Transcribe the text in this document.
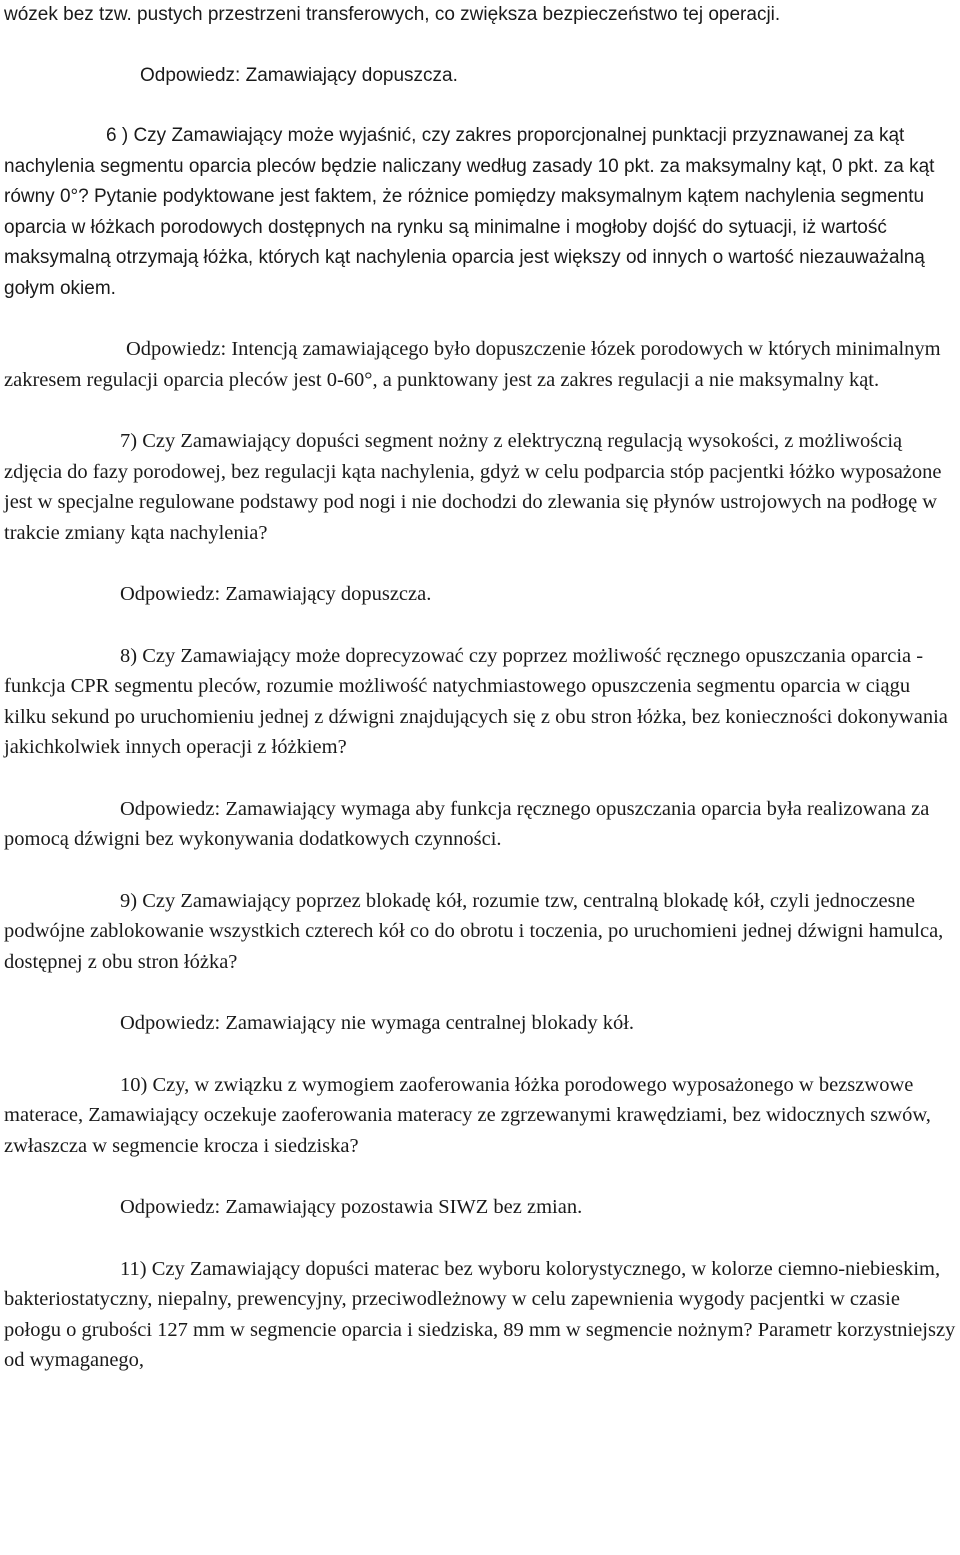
wózek bez tzw. pustych przestrzeni transferowych, co zwiększa bezpieczeństwo tej operacji.

Odpowiedz: Zamawiający dopuszcza.

6 ) Czy Zamawiający może wyjaśnić, czy zakres proporcjonalnej punktacji przyznawanej za kąt nachylenia segmentu oparcia pleców będzie naliczany według zasady 10 pkt. za maksymalny kąt, 0 pkt. za kąt równy 0°? Pytanie podyktowane jest faktem, że różnice pomiędzy maksymalnym kątem nachylenia segmentu oparcia w łóżkach porodowych dostępnych na rynku są minimalne i mogłoby dojść do sytuacji, iż wartość maksymalną otrzymają łóżka, których kąt nachylenia oparcia jest większy od innych o wartość niezauważalną gołym okiem.

Odpowiedz: Intencją zamawiającego było dopuszczenie łózek porodowych w których minimalnym zakresem regulacji oparcia pleców jest 0-60°, a punktowany jest za zakres regulacji a nie maksymalny kąt.

7) Czy Zamawiający dopuści segment nożny z elektryczną regulacją wysokości, z możliwością zdjęcia do fazy porodowej, bez regulacji kąta nachylenia, gdyż w celu podparcia stóp pacjentki łóżko wyposażone jest w specjalne regulowane podstawy pod nogi i nie dochodzi do zlewania się płynów ustrojowych na podłogę w trakcie zmiany kąta nachylenia?

Odpowiedz: Zamawiający dopuszcza.

8) Czy Zamawiający może doprecyzować czy poprzez możliwość ręcznego opuszczania oparcia -funkcja CPR segmentu pleców, rozumie możliwość natychmiastowego opuszczenia segmentu oparcia w ciągu kilku sekund po uruchomieniu jednej z dźwigni znajdujących się z obu stron łóżka, bez konieczności dokonywania jakichkolwiek innych operacji z łóżkiem?

Odpowiedz: Zamawiający wymaga aby funkcja ręcznego opuszczania oparcia była realizowana za pomocą dźwigni bez wykonywania dodatkowych czynności.

9) Czy Zamawiający poprzez blokadę kół, rozumie tzw, centralną blokadę kół, czyli jednoczesne podwójne zablokowanie wszystkich czterech kół co do obrotu i toczenia, po uruchomieni jednej dźwigni hamulca, dostępnej z obu stron łóżka?

Odpowiedz: Zamawiający nie wymaga centralnej blokady kół.

10) Czy, w związku z wymogiem zaoferowania łóżka porodowego wyposażonego w bezszwowe materace, Zamawiający oczekuje zaoferowania materacy ze zgrzewanymi krawędziami, bez widocznych szwów, zwłaszcza w segmencie krocza i siedziska?

Odpowiedz: Zamawiający pozostawia SIWZ bez zmian.

11) Czy Zamawiający dopuści materac bez wyboru kolorystycznego, w kolorze ciemno-niebieskim, bakteriostatyczny, niepalny, prewencyjny, przeciwodleżnowy w celu zapewnienia wygody pacjentki w czasie połogu o grubości 127 mm w segmencie oparcia i siedziska, 89 mm w segmencie nożnym? Parametr korzystniejszy od wymaganego,
